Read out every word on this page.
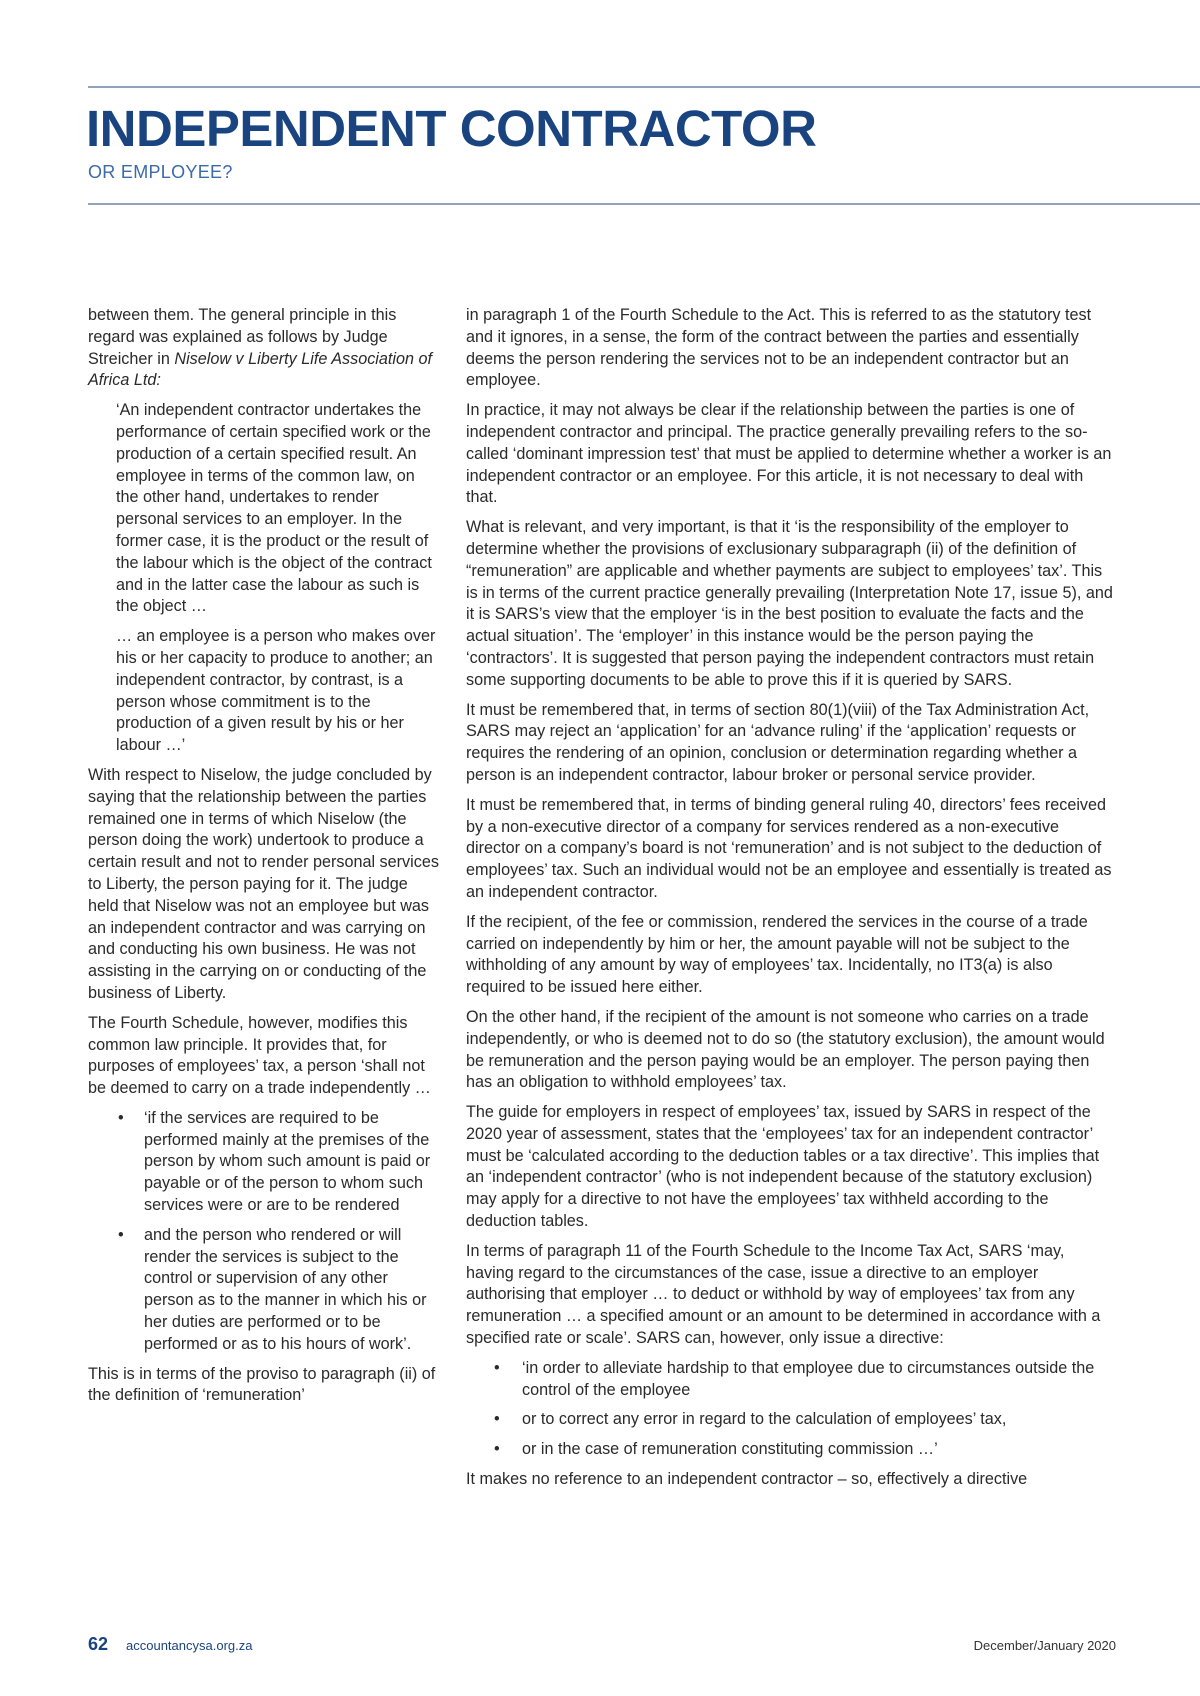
INDEPENDENT CONTRACTOR
OR EMPLOYEE?

between them. The general principle in this regard was explained as follows by Judge Streicher in Niselow v Liberty Life Association of Africa Ltd:

‘An independent contractor undertakes the performance of certain specified work or the production of a certain specified result. An employee in terms of the common law, on the other hand, undertakes to render personal services to an employer. In the former case, it is the product or the result of the labour which is the object of the contract and in the latter case the labour as such is the object …

… an employee is a person who makes over his or her capacity to produce to another; an independent contractor, by contrast, is a person whose commitment is to the production of a given result by his or her labour …’

With respect to Niselow, the judge concluded by saying that the relationship between the parties remained one in terms of which Niselow (the person doing the work) undertook to produce a certain result and not to render personal services to Liberty, the person paying for it. The judge held that Niselow was not an employee but was an independent contractor and was carrying on and conducting his own business. He was not assisting in the carrying on or conducting of the business of Liberty.

The Fourth Schedule, however, modifies this common law principle. It provides that, for purposes of employees’ tax, a person ‘shall not be deemed to carry on a trade independently …

• ‘if the services are required to be performed mainly at the premises of the person by whom such amount is paid or payable or of the person to whom such services were or are to be rendered
• and the person who rendered or will render the services is subject to the control or supervision of any other person as to the manner in which his or her duties are performed or to be performed or as to his hours of work’.

This is in terms of the proviso to paragraph (ii) of the definition of ‘remuneration’

in paragraph 1 of the Fourth Schedule to the Act. This is referred to as the statutory test and it ignores, in a sense, the form of the contract between the parties and essentially deems the person rendering the services not to be an independent contractor but an employee.

In practice, it may not always be clear if the relationship between the parties is one of independent contractor and principal. The practice generally prevailing refers to the so-called ‘dominant impression test’ that must be applied to determine whether a worker is an independent contractor or an employee. For this article, it is not necessary to deal with that.

What is relevant, and very important, is that it ‘is the responsibility of the employer to determine whether the provisions of exclusionary subparagraph (ii) of the definition of “remuneration” are applicable and whether payments are subject to employees’ tax’. This is in terms of the current practice generally prevailing (Interpretation Note 17, issue 5), and it is SARS’s view that the employer ‘is in the best position to evaluate the facts and the actual situation’. The ‘employer’ in this instance would be the person paying the ‘contractors’. It is suggested that person paying the independent contractors must retain some supporting documents to be able to prove this if it is queried by SARS.

It must be remembered that, in terms of section 80(1)(viii) of the Tax Administration Act, SARS may reject an ‘application’ for an ‘advance ruling’ if the ‘application’ requests or requires the rendering of an opinion, conclusion or determination regarding whether a person is an independent contractor, labour broker or personal service provider.

It must be remembered that, in terms of binding general ruling 40, directors’ fees received by a non-executive director of a company for services rendered as a non-executive director on a company’s board is not ‘remuneration’ and is not subject to the deduction of employees’ tax. Such an individual would not be an employee and essentially is treated as an independent contractor.

If the recipient, of the fee or commission, rendered the services in the course of a trade carried on independently by him or her, the amount payable will not be subject to the withholding of any amount by way of employees’ tax. Incidentally, no IT3(a) is also required to be issued here either.

On the other hand, if the recipient of the amount is not someone who carries on a trade independently, or who is deemed not to do so (the statutory exclusion), the amount would be remuneration and the person paying would be an employer. The person paying then has an obligation to withhold employees’ tax.

The guide for employers in respect of employees’ tax, issued by SARS in respect of the 2020 year of assessment, states that the ‘employees’ tax for an independent contractor’ must be ‘calculated according to the deduction tables or a tax directive’. This implies that an ‘independent contractor’ (who is not independent because of the statutory exclusion) may apply for a directive to not have the employees’ tax withheld according to the deduction tables.

In terms of paragraph 11 of the Fourth Schedule to the Income Tax Act, SARS ‘may, having regard to the circumstances of the case, issue a directive to an employer authorising that employer … to deduct or withhold by way of employees’ tax from any remuneration … a specified amount or an amount to be determined in accordance with a specified rate or scale’. SARS can, however, only issue a directive:

• ‘in order to alleviate hardship to that employee due to circumstances outside the control of the employee
• or to correct any error in regard to the calculation of employees’ tax,
• or in the case of remuneration constituting commission …’

It makes no reference to an independent contractor – so, effectively a directive

62 accountancysa.org.za	December/January 2020
